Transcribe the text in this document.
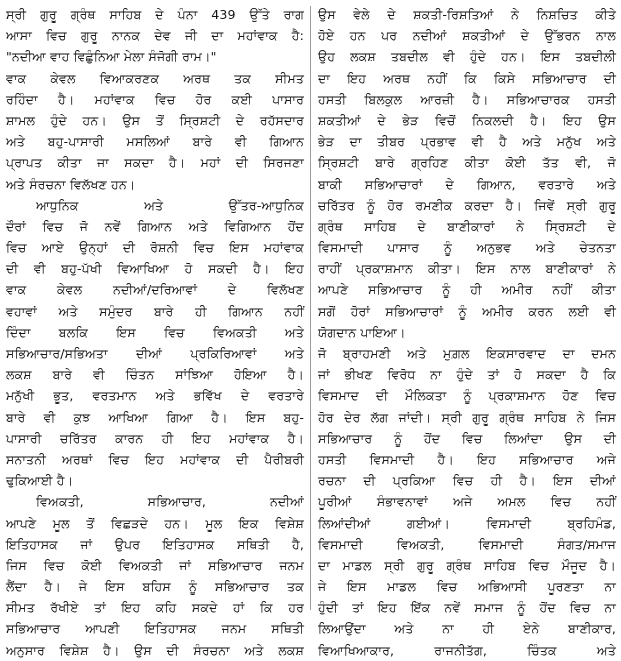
ਸ੍ਰੀ ਗੁਰੂ ਗ੍ਰੰਥ ਸਾਹਿਬ ਦੇ ਪੰਨਾ 439 ਉੱਤੇ ਰਾਗ
ਆਸਾ ਵਿਚ ਗੁਰੂ ਨਾਨਕ ਦੇਵ ਜੀ ਦਾ ਮਹਾਂਵਾਕ ਹੈ:
"ਨਦੀਆ ਵਾਹ ਵਿਛੁੰਨਿਆ ਮੇਲਾ ਸੰਜੋਗੀ ਰਾਮ।"
ਵਾਕ ਕੇਵਲ ਵਿਆਕਰਣਕ ਅਰਥ ਤਕ ਸੀਮਤ
ਰਹਿੰਦਾ ਹੈ। ਮਹਾਂਵਾਕ ਵਿਚ ਹੋਰ ਕਈ ਪਾਸਾਰ
ਸ਼ਾਮਲ ਹੁੰਦੇ ਹਨ। ਉਸ ਤੋਂ ਸ੍ਰਿਸ਼ਟੀ ਦੇ ਰਹੱਸਦਾਰ
ਅਤੇ ਬਹੁ-ਪਾਸਾਰੀ ਮਸਲਿਆਂ ਬਾਰੇ ਵੀ ਗਿਆਨ
ਪ੍ਰਾਪਤ ਕੀਤਾ ਜਾ ਸਕਦਾ ਹੈ। ਮਹਾਂ ਦੀ ਸਿਰਜਣਾ
ਅਤੇ ਸੰਰਚਨਾ ਵਿਲੱਖਣ ਹਨ।
ਆਧੁਨਿਕ ਅਤੇ ਉੱਤਰ-ਆਧੁਨਿਕ
ਦੌਰਾਂ ਵਿਚ ਜੋ ਨਵੇਂ ਗਿਆਨ ਅਤੇ ਵਿਗਿਆਨ ਹੋਂਦ
ਵਿਚ ਆਏ ਉਨ੍ਹਾਂ ਦੀ ਰੋਸ਼ਨੀ ਵਿਚ ਇਸ ਮਹਾਂਵਾਕ
ਦੀ ਵੀ ਬਹੁ-ਪੱਖੀ ਵਿਆਖਿਆ ਹੋ ਸਕਦੀ ਹੈ। ਇਹ
ਵਾਕ ਕੇਵਲ ਨਦੀਆਂ/ਦਰਿਆਵਾਂ ਦੇ ਵਿਲੱਖਣ
ਵਹਾਵਾਂ ਅਤੇ ਸਮੁੰਦਰ ਬਾਰੇ ਹੀ ਗਿਆਨ ਨਹੀਂ
ਦਿੰਦਾ ਬਲਕਿ ਇਸ ਵਿਚ ਵਿਅਕਤੀ ਅਤੇ
ਸਭਿਆਚਾਰ/ਸਭਿਅਤਾ ਦੀਆਂ ਪ੍ਰਕਿਰਿਆਵਾਂ ਅਤੇ
ਲਕਸ਼ ਬਾਰੇ ਵੀ ਚਿੰਤਨ ਸਾਂਝਿਆ ਹੋਇਆ ਹੈ।
ਮਨੁੱਖੀ ਭੂਤ, ਵਰਤਮਾਨ ਅਤੇ ਭਵਿੱਖ ਦੇ ਵਰਤਾਰੇ
ਬਾਰੇ ਵੀ ਕੁਝ ਆਖਿਆ ਗਿਆ ਹੈ। ਇਸ ਬਹੁ-
ਪਾਸਾਰੀ ਚਰਿੱਤਰ ਕਾਰਨ ਹੀ ਇਹ ਮਹਾਂਵਾਕ ਹੈ।
ਸਨਾਤਨੀ ਅਰਥਾਂ ਵਿਚ ਇਹ ਮਹਾਂਵਾਕ ਦੀ ਪੈਰੀਬਰੀ
ਢੁਕਿਆਈ ਹੈ।
ਵਿਅਕਤੀ, ਸਭਿਆਚਾਰ, ਨਦੀਆਂ
ਆਪਣੇ ਮੂਲ ਤੋਂ ਵਿਛੜਦੇ ਹਨ। ਮੂਲ ਇਕ ਵਿਸ਼ੇਸ਼
ਇਤਿਹਾਸਕ ਜਾਂ ਉਪਰ ਇਤਿਹਾਸਕ ਸਥਿਤੀ ਹੈ,
ਜਿਸ ਵਿਚ ਕੋਈ ਵਿਅਕਤੀ ਜਾਂ ਸਭਿਆਚਾਰ ਜਨਮ
ਲੈਂਦਾ ਹੈ। ਜੇ ਇਸ ਬਹਿਸ ਨੂੰ ਸਭਿਆਚਾਰ ਤਕ
ਸੀਮਤ ਰੱਖੀਏ ਤਾਂ ਇਹ ਕਹਿ ਸਕਦੇ ਹਾਂ ਕਿ ਹਰ
ਸਭਿਆਚਾਰ ਆਪਣੀ ਇਤਿਹਾਸਕ ਜਨਮ ਸਥਿਤੀ
ਅਨੁਸਾਰ ਵਿਸ਼ੇਸ਼ ਹੈ। ਉਸ ਦੀ ਸੰਰਚਨਾ ਅਤੇ ਲਕਸ਼
ਉਸ ਵੇਲੇ ਦੇ ਸ਼ਕਤੀ-ਰਿਸ਼ਤਿਆਂ ਨੇ ਨਿਸ਼ਚਿਤ ਕੀਤੇ
ਹੋਏ ਹਨ ਪਰ ਨਦੀਆਂ ਸ਼ਕਤੀਆਂ ਦੇ ਉੱਭਰਨ ਨਾਲ
ਉਹ ਲਕਸ਼ ਤਬਦੀਲ ਵੀ ਹੁੰਦੇ ਹਨ। ਇਸ ਤਬਦੀਲੀ
ਦਾ ਇਹ ਅਰਥ ਨਹੀਂ ਕਿ ਕਿਸੇ ਸਭਿਆਚਾਰ ਦੀ
ਹਸਤੀ ਬਿਲਕੁਲ ਆਰਜ਼ੀ ਹੈ। ਸਭਿਆਚਾਰਕ ਹਸਤੀ
ਸ਼ਕਤੀਆਂ ਦੇ ਭੇੜ ਵਿਚੋਂ ਨਿਕਲਦੀ ਹੈ। ਇਹ ਉਸ
ਭੇੜ ਦਾ ਤੀਬਰ ਪ੍ਰਭਾਵ ਵੀ ਹੈ ਅਤੇ ਮਨੁੱਖ ਅਤੇ
ਸ੍ਰਿਸ਼ਟੀ ਬਾਰੇ ਗ੍ਰਹਿਣ ਕੀਤਾ ਕੋਈ ਤੱਤ ਵੀ, ਜੋ
ਬਾਕੀ ਸਭਿਆਚਾਰਾਂ ਦੇ ਗਿਆਨ, ਵਰਤਾਰੇ ਅਤੇ
ਚਰਿੱਤਰ ਨੂੰ ਹੋਰ ਰਮਣੀਕ ਕਰਦਾ ਹੈ। ਜਿਵੇਂ ਸ੍ਰੀ ਗੁਰੂ
ਗ੍ਰੰਥ ਸਾਹਿਬ ਦੇ ਬਾਣੀਕਾਰਾਂ ਨੇ ਸ੍ਰਿਸ਼ਟੀ ਦੇ
ਵਿਸਮਾਦੀ ਪਾਸਾਰ ਨੂੰ ਅਨੁਭਵ ਅਤੇ ਚੇਤਨਤਾ
ਰਾਹੀਂ ਪ੍ਰਕਾਸ਼ਮਾਨ ਕੀਤਾ। ਇਸ ਨਾਲ ਬਾਣੀਕਾਰਾਂ ਨੇ
ਆਪਣੇ ਸਭਿਆਚਾਰ ਨੂੰ ਹੀ ਅਮੀਰ ਨਹੀਂ ਕੀਤਾ
ਸਗੋਂ ਹੋਰਾਂ ਸਭਿਆਚਾਰਾਂ ਨੂੰ ਅਮੀਰ ਕਰਨ ਲਈ ਵੀ
ਯੋਗਦਾਨ ਪਾਇਆ।
ਜੋ ਬ੍ਰਾਹਮਣੀ ਅਤੇ ਮੁਗ਼ਲ ਇਕਸਾਰਵਾਦ ਦਾ ਦਮਨ
ਜਾਂ ਭੀਖਣ ਵਿਰੋਧ ਨਾ ਹੁੰਦੇ ਤਾਂ ਹੋ ਸਕਦਾ ਹੈ ਕਿ
ਵਿਸਮਾਦ ਦੀ ਮੌਲਿਕਤਾ ਨੂੰ ਪ੍ਰਕਾਸ਼ਮਾਨ ਹੋਣ ਵਿਚ
ਹੋਰ ਦੇਰ ਲੱਗ ਜਾਂਦੀ। ਸ੍ਰੀ ਗੁਰੂ ਗ੍ਰੰਥ ਸਾਹਿਬ ਨੇ ਜਿਸ
ਸਭਿਆਚਾਰ ਨੂੰ ਹੋਂਦ ਵਿਚ ਲਿਆਂਦਾ ਉਸ ਦੀ
ਹਸਤੀ ਵਿਸਮਾਦੀ ਹੈ। ਇਹ ਸਭਿਆਚਾਰ ਅਜੇ
ਰਚਨਾ ਦੀ ਪ੍ਰਕਿਆ ਵਿਚ ਹੀ ਹੈ। ਇਸ ਦੀਆਂ
ਪੂਰੀਆਂ ਸੰਭਾਵਨਾਵਾਂ ਅਜੇ ਅਮਲ ਵਿਚ ਨਹੀਂ
ਲਿਆਂਦੀਆਂ ਗਈਆਂ। ਵਿਸਮਾਦੀ ਬ੍ਰਹਿਮੰਡ,
ਵਿਸਮਾਦੀ ਵਿਅਕਤੀ, ਵਿਸਮਾਦੀ ਸੰਗਤ/ਸਮਾਜ
ਦਾ ਮਾਡਲ ਸ੍ਰੀ ਗੁਰੂ ਗ੍ਰੰਥ ਸਾਹਿਬ ਵਿਚ ਮੌਜੂਦ ਹੈ।
ਜੇ ਇਸ ਮਾਡਲ ਵਿਚ ਅਭਿਆਸੀ ਪੂਰਣਤਾ ਨਾ
ਹੁੰਦੀ ਤਾਂ ਇਹ ਇੱਕ ਨਵੇਂ ਸਮਾਜ ਨੂੰ ਹੋਂਦ ਵਿਚ ਨਾ
ਲਿਆਉਂਦਾ ਅਤੇ ਨਾ ਹੀ ਏਨੇ ਬਾਣੀਕਾਰ,
ਵਿਆਖਿਆਕਾਰ, ਰਾਜਨੀਤੱਗ, ਚਿੰਤਕ ਅਤੇ
